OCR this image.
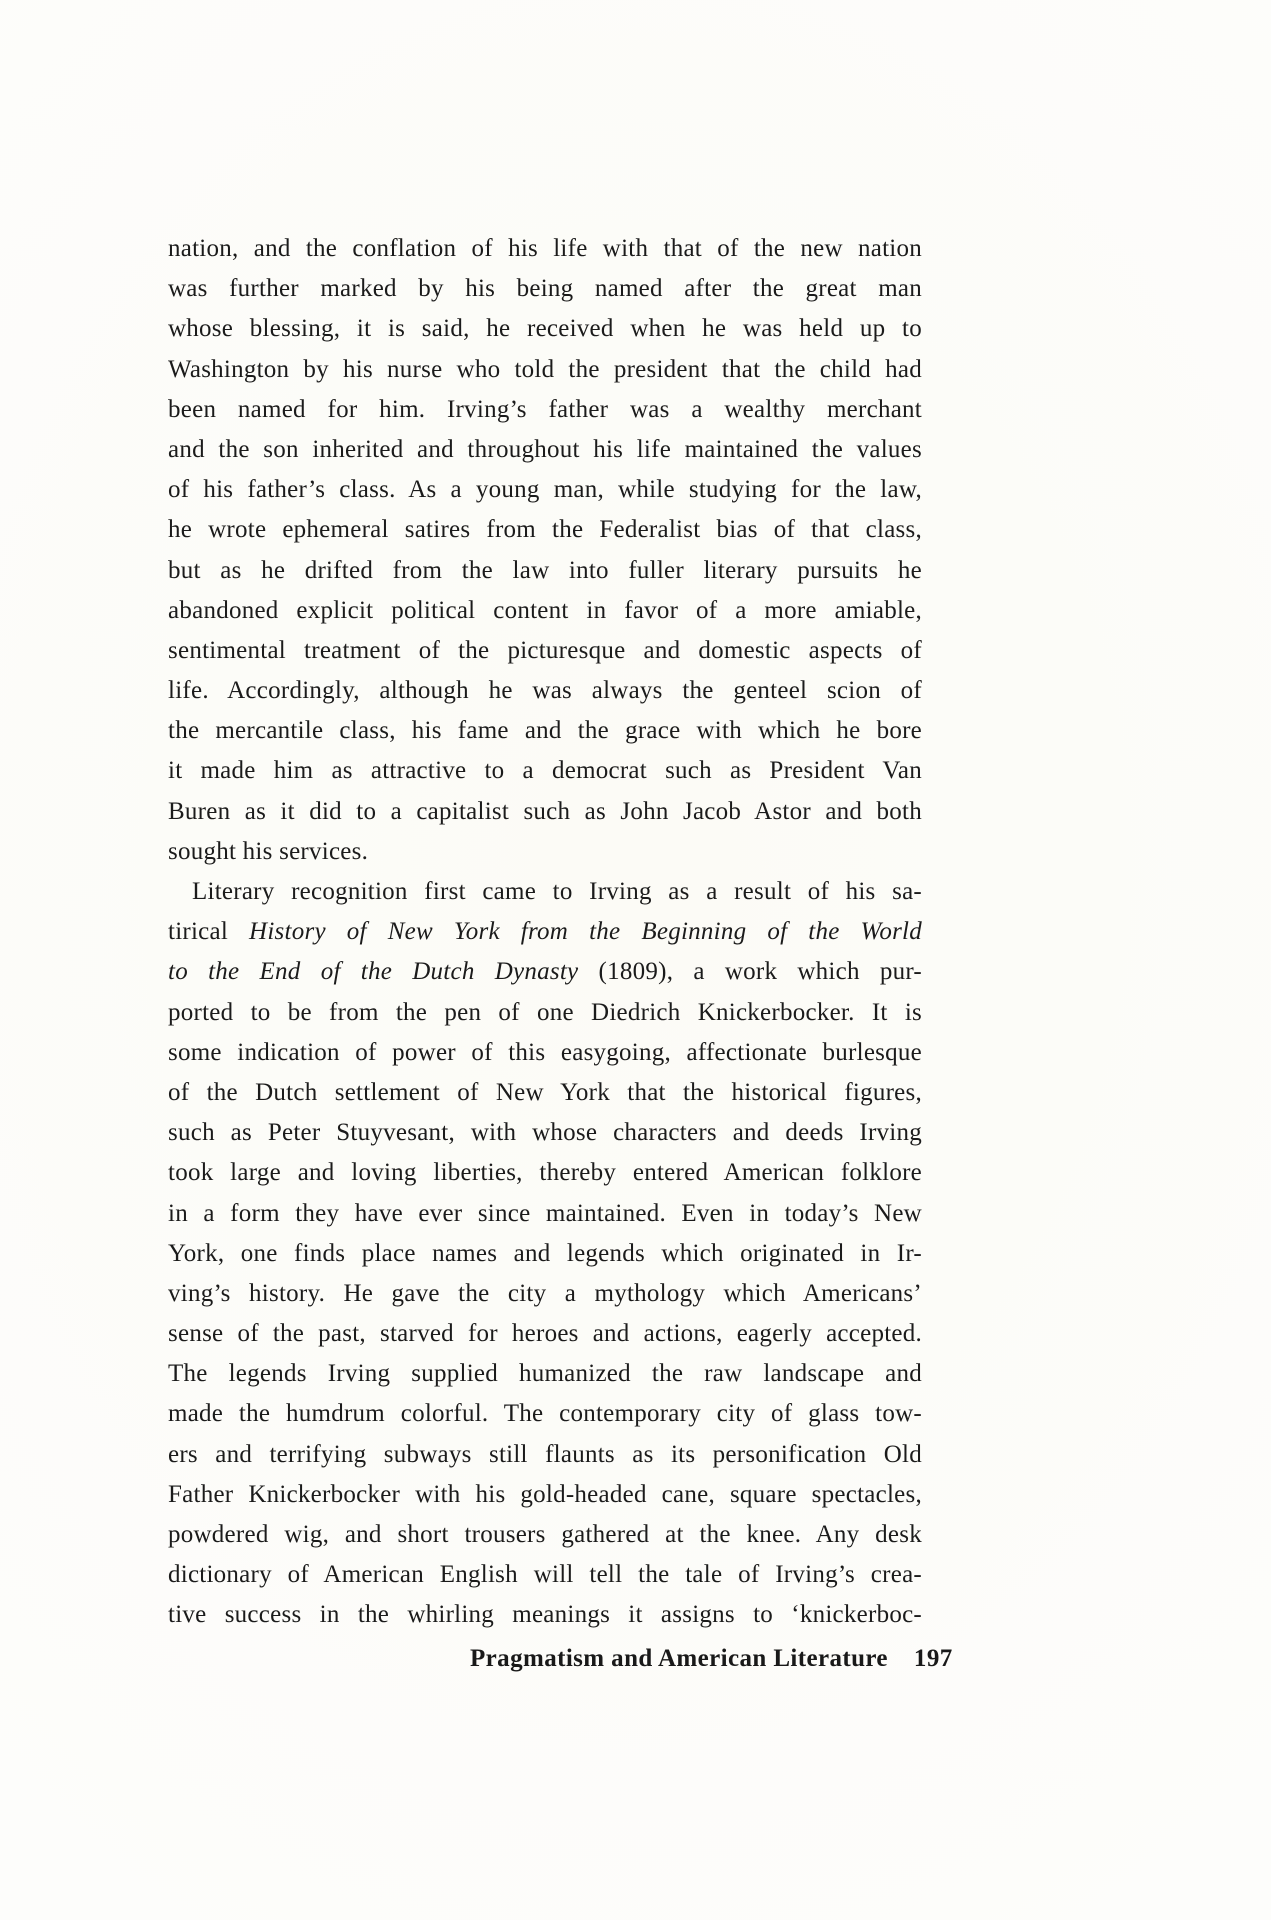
nation, and the conflation of his life with that of the new nation
was further marked by his being named after the great man
whose blessing, it is said, he received when he was held up to
Washington by his nurse who told the president that the child had
been named for him. Irving’s father was a wealthy merchant
and the son inherited and throughout his life maintained the values
of his father’s class. As a young man, while studying for the law,
he wrote ephemeral satires from the Federalist bias of that class,
but as he drifted from the law into fuller literary pursuits he
abandoned explicit political content in favor of a more amiable,
sentimental treatment of the picturesque and domestic aspects of
life. Accordingly, although he was always the genteel scion of
the mercantile class, his fame and the grace with which he bore
it made him as attractive to a democrat such as President Van
Buren as it did to a capitalist such as John Jacob Astor and both
sought his services.
Literary recognition first came to Irving as a result of his sa-
tirical History of New York from the Beginning of the World
to the End of the Dutch Dynasty (1809), a work which pur-
ported to be from the pen of one Diedrich Knickerbocker. It is
some indication of power of this easygoing, affectionate burlesque
of the Dutch settlement of New York that the historical figures,
such as Peter Stuyvesant, with whose characters and deeds Irving
took large and loving liberties, thereby entered American folklore
in a form they have ever since maintained. Even in today’s New
York, one finds place names and legends which originated in Ir-
ving’s history. He gave the city a mythology which Americans’
sense of the past, starved for heroes and actions, eagerly accepted.
The legends Irving supplied humanized the raw landscape and
made the humdrum colorful. The contemporary city of glass tow-
ers and terrifying subways still flaunts as its personification Old
Father Knickerbocker with his gold-headed cane, square spectacles,
powdered wig, and short trousers gathered at the knee. Any desk
dictionary of American English will tell the tale of Irving’s crea-
tive success in the whirling meanings it assigns to ‘knickerboc-
Pragmatism and American Literature 197
